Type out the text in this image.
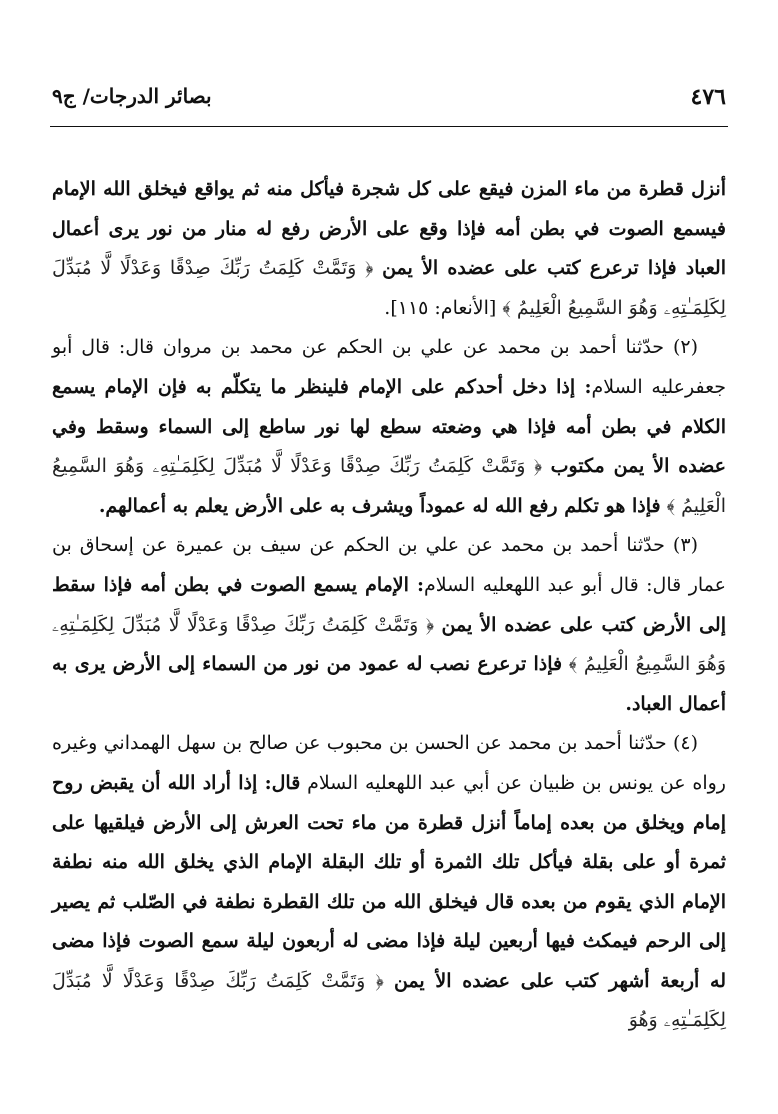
٤٧٦
بصائر الدرجات/ ج٩

أنزل قطرة من ماء المزن فيقع على كل شجرة فيأكل منه ثم يواقع فيخلق الله الإمام فيسمع الصوت في بطن أمه فإذا وقع على الأرض رفع له منار من نور يرى أعمال العباد فإذا ترعرع كتب على عضده الأ يمن ﴿ وَتَمَّتْ كَلِمَتُ رَبِّكَ صِدْقًا وَعَدْلًا لَّا مُبَدِّلَ لِكَلِمَـٰتِهِۦ وَهُوَ السَّمِيعُ الْعَلِيمُ ﴾ [الأنعام: ١١٥].

(٢) حدّثنا أحمد بن محمد عن علي بن الحكم عن محمد بن مروان قال: قال أبو جعفرعليه السلام: إذا دخل أحدكم على الإمام فلينظر ما يتكلّم به فإن الإمام يسمع الكلام في بطن أمه فإذا هي وضعته سطع لها نور ساطع إلى السماء وسقط وفي عضده الأ يمن مكتوب ﴿ وَتَمَّتْ كَلِمَتُ رَبِّكَ صِدْقًا وَعَدْلًا لَّا مُبَدِّلَ لِكَلِمَـٰتِهِۦ وَهُوَ السَّمِيعُ الْعَلِيمُ ﴾ فإذا هو تكلم رفع الله له عموداً ويشرف به على الأرض يعلم به أعمالهم.

(٣) حدّثنا أحمد بن محمد عن علي بن الحكم عن سيف بن عميرة عن إسحاق بن عمار قال: قال أبو عبد اللهعليه السلام: الإمام يسمع الصوت في بطن أمه فإذا سقط إلى الأرض كتب على عضده الأ يمن ﴿ وَتَمَّتْ كَلِمَتُ رَبِّكَ صِدْقًا وَعَدْلًا لَّا مُبَدِّلَ لِكَلِمَـٰتِهِۦ وَهُوَ السَّمِيعُ الْعَلِيمُ ﴾ فإذا ترعرع نصب له عمود من نور من السماء إلى الأرض يرى به أعمال العباد.

(٤) حدّثنا أحمد بن محمد عن الحسن بن محبوب عن صالح بن سهل الهمداني وغيره رواه عن يونس بن ظبيان عن أبي عبد اللهعليه السلام قال: إذا أراد الله أن يقبض روح إمام ويخلق من بعده إماماً أنزل قطرة من ماء تحت العرش إلى الأرض فيلقيها على ثمرة أو على بقلة فيأكل تلك الثمرة أو تلك البقلة الإمام الذي يخلق الله منه نطفة الإمام الذي يقوم من بعده قال فيخلق الله من تلك القطرة نطفة في الصّلب ثم يصير إلى الرحم فيمكث فيها أربعين ليلة فإذا مضى له أربعون ليلة سمع الصوت فإذا مضى له أربعة أشهر كتب على عضده الأ يمن ﴿ وَتَمَّتْ كَلِمَتُ رَبِّكَ صِدْقًا وَعَدْلًا لَّا مُبَدِّلَ لِكَلِمَـٰتِهِۦ وَهُوَ
